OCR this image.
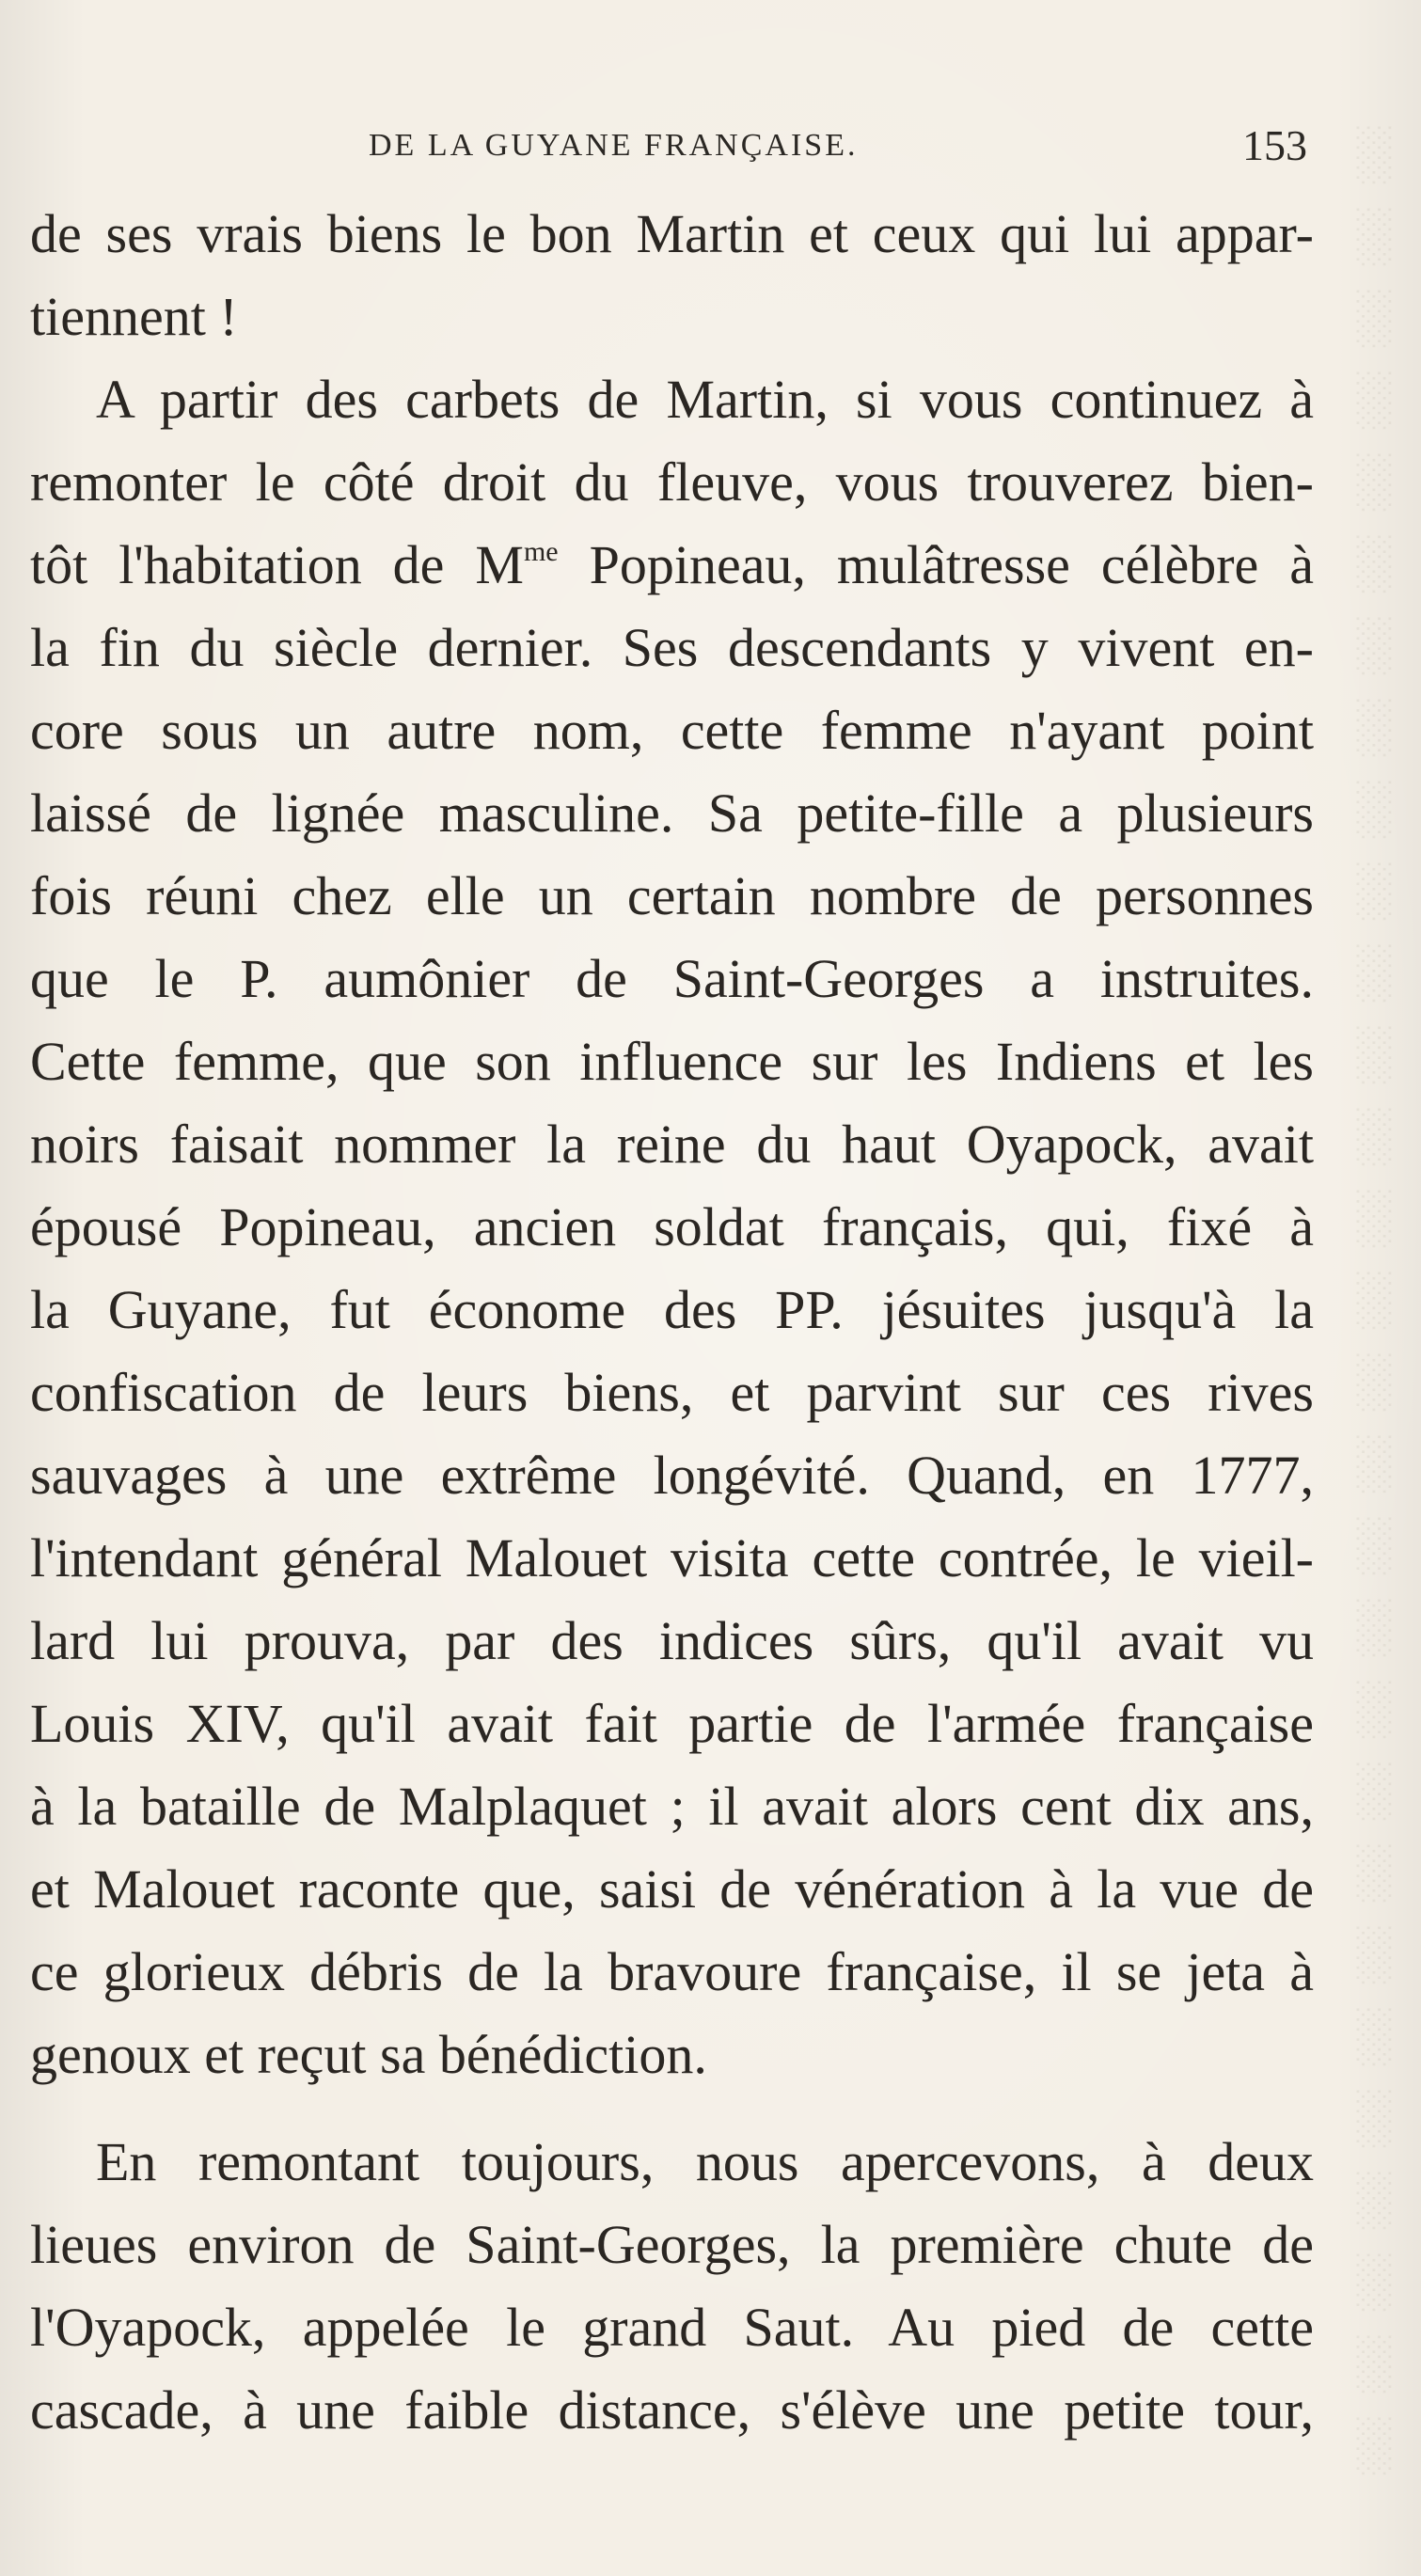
░
░
░
░
░
░
░
░
░
░
░
░
░
░
░
░
░
░
░
░
░
░
░
░
░
░
░
░
░
DE LA GUYANE FRANÇAISE.	153
de ses vrais biens le bon Martin et ceux qui lui appar-
tiennent !
A partir des carbets de Martin, si vous continuez à
remonter le côté droit du fleuve, vous trouverez bien-
tôt l'habitation de $M^{me}$ Popineau, mulâtresse célèbre à
la fin du siècle dernier. Ses descendants y vivent en-
core sous un autre nom, cette femme n'ayant point
laissé de lignée masculine. Sa petite-fille a plusieurs
fois réuni chez elle un certain nombre de personnes
que le P. aumônier de Saint-Georges a instruites.
Cette femme, que son influence sur les Indiens et les
noirs faisait nommer la reine du haut Oyapock, avait
épousé Popineau, ancien soldat français, qui, fixé à
la Guyane, fut économe des PP. jésuites jusqu'à la
confiscation de leurs biens, et parvint sur ces rives
sauvages à une extrême longévité. Quand, en 1777,
l'intendant général Malouet visita cette contrée, le vieil-
lard lui prouva, par des indices sûrs, qu'il avait vu
Louis XIV, qu'il avait fait partie de l'armée française
à la bataille de Malplaquet ; il avait alors cent dix ans,
et Malouet raconte que, saisi de vénération à la vue de
ce glorieux débris de la bravoure française, il se jeta à
genoux et reçut sa bénédiction.
En remontant toujours, nous apercevons, à deux
lieues environ de Saint-Georges, la première chute de
l'Oyapock, appelée le grand Saut. Au pied de cette
cascade, à une faible distance, s'élève une petite tour,
